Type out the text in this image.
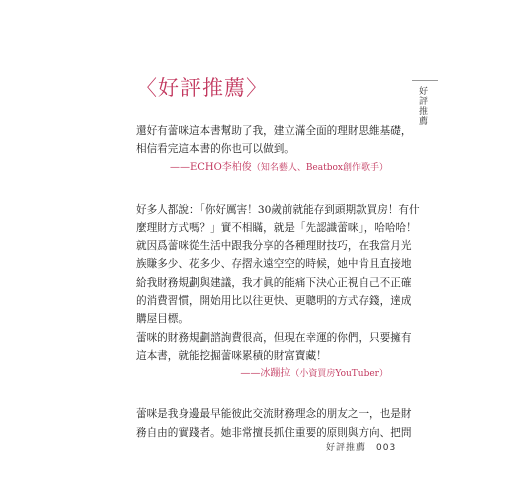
〈好評推薦〉	好評推薦

還好有蕾咪這本書幫助了我，建立滿全面的理財思維基礎，
相信看完這本書的你也可以做到。

——ECHO李柏俊（知名藝人、Beatbox創作歌手）

好多人都說：「你好厲害！30歲前就能存到頭期款買房！有什
麼理財方式嗎？」實不相瞞，就是「先認識蕾咪」，哈哈哈！
就因爲蕾咪從生活中跟我分享的各種理財技巧，在我當月光
族賺多少、花多少、存摺永遠空空的時候，她中肯且直接地
給我財務規劃與建議，我才眞的能痛下決心正視自己不正確
的消費習慣，開始用比以往更快、更聰明的方式存錢，達成
購屋目標。
蕾咪的財務規劃諮詢費很高，但現在幸運的你們，只要擁有
這本書，就能挖掘蕾咪累積的財富寶藏！

——冰蹦拉（小資買房YouTuber）

蕾咪是我身邊最早能彼此交流財務理念的朋友之一，也是財
務自由的實踐者。她非常擅長抓住重要的原則與方向、把問

好評推薦 003
